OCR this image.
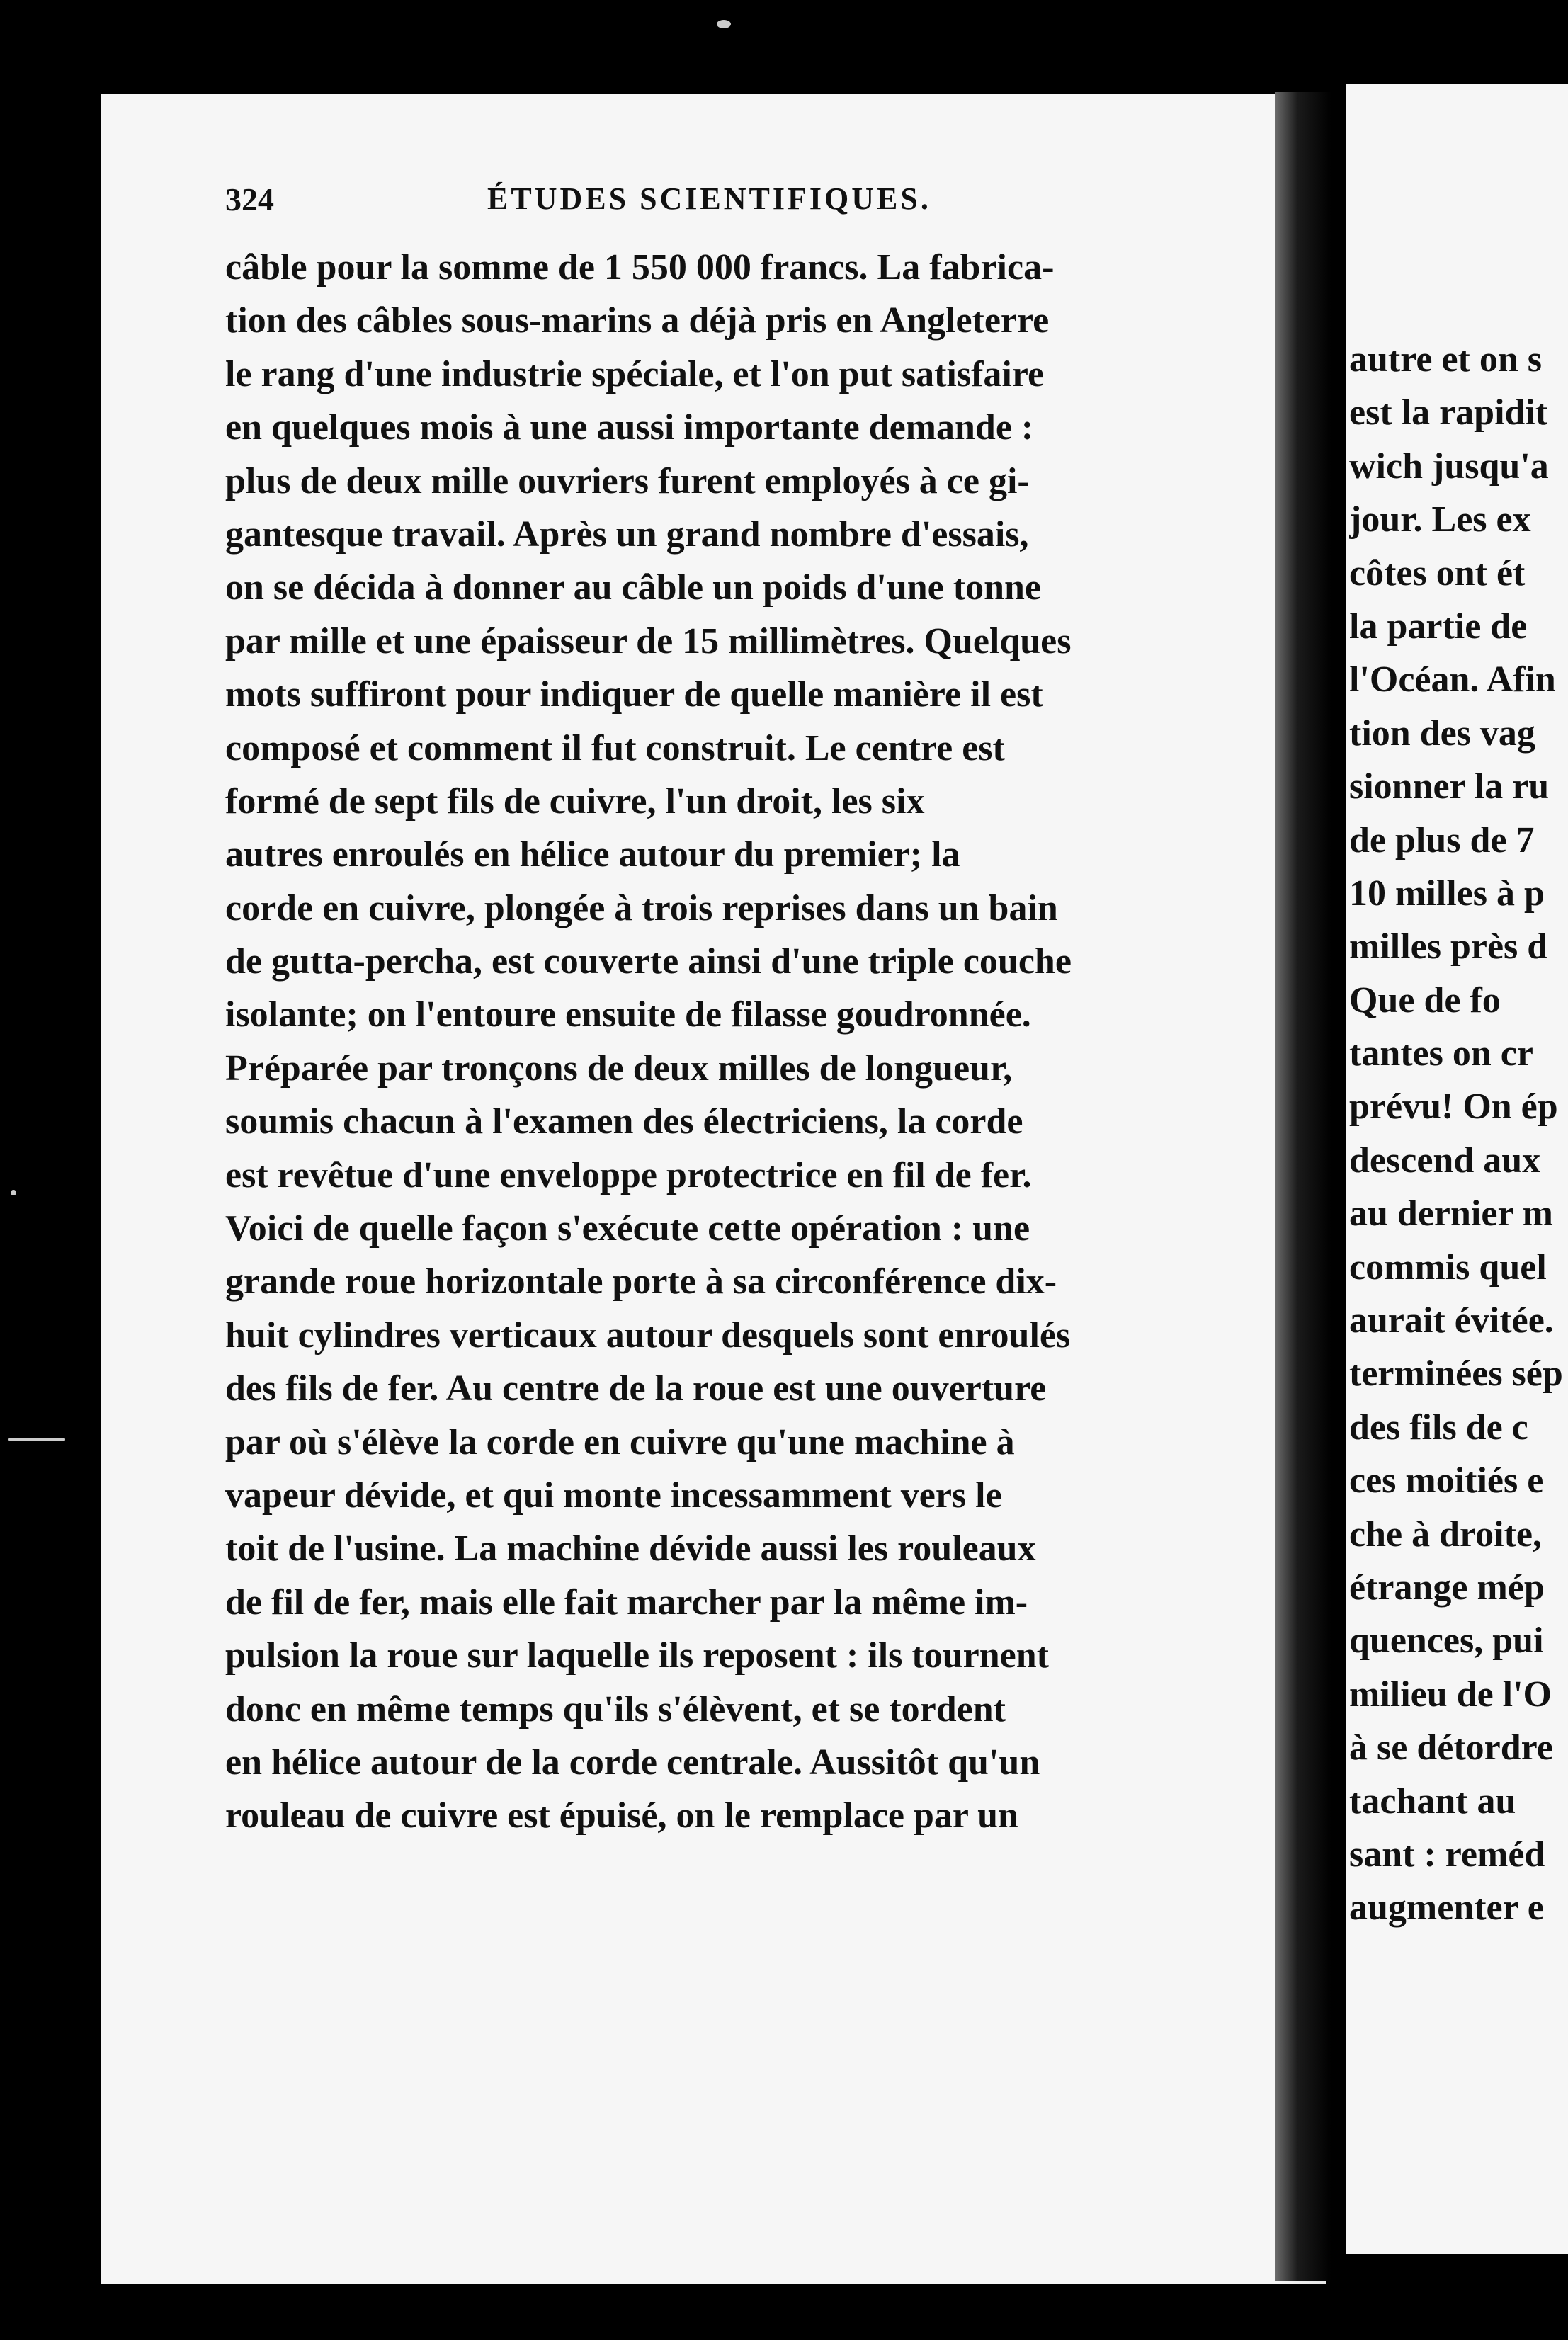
324	ÉTUDES SCIENTIFIQUES.
câble pour la somme de 1 550 000 francs. La fabrica-
tion des câbles sous-marins a déjà pris en Angleterre
le rang d'une industrie spéciale, et l'on put satisfaire
en quelques mois à une aussi importante demande :
plus de deux mille ouvriers furent employés à ce gi-
gantesque travail. Après un grand nombre d'essais,
on se décida à donner au câble un poids d'une tonne
par mille et une épaisseur de 15 millimètres. Quelques
mots suffiront pour indiquer de quelle manière il est
composé et comment il fut construit. Le centre est
formé de sept fils de cuivre, l'un droit, les six
autres enroulés en hélice autour du premier; la
corde en cuivre, plongée à trois reprises dans un bain
de gutta-percha, est couverte ainsi d'une triple couche
isolante; on l'entoure ensuite de filasse goudronnée.
Préparée par tronçons de deux milles de longueur,
soumis chacun à l'examen des électriciens, la corde
est revêtue d'une enveloppe protectrice en fil de fer.
Voici de quelle façon s'exécute cette opération : une
grande roue horizontale porte à sa circonférence dix-
huit cylindres verticaux autour desquels sont enroulés
des fils de fer. Au centre de la roue est une ouverture
par où s'élève la corde en cuivre qu'une machine à
vapeur dévide, et qui monte incessamment vers le
toit de l'usine. La machine dévide aussi les rouleaux
de fil de fer, mais elle fait marcher par la même im-
pulsion la roue sur laquelle ils reposent : ils tournent
donc en même temps qu'ils s'élèvent, et se tordent
en hélice autour de la corde centrale. Aussitôt qu'un
rouleau de cuivre est épuisé, on le remplace par un
autre et on s
est la rapidit
wich jusqu'a
jour. Les ex
côtes ont ét
la partie de
l'Océan. Afin
tion des vag
sionner la ru
de plus de 7
10 milles à p
milles près d
Que de fo
tantes on cr
prévu! On ép
descend aux
au dernier m
commis quel
aurait évitée.
terminées sép
des fils de c
ces moitiés e
che à droite,
étrange mép
quences, pui
milieu de l'O
à se détordre
tachant au
sant : reméd
augmenter e
